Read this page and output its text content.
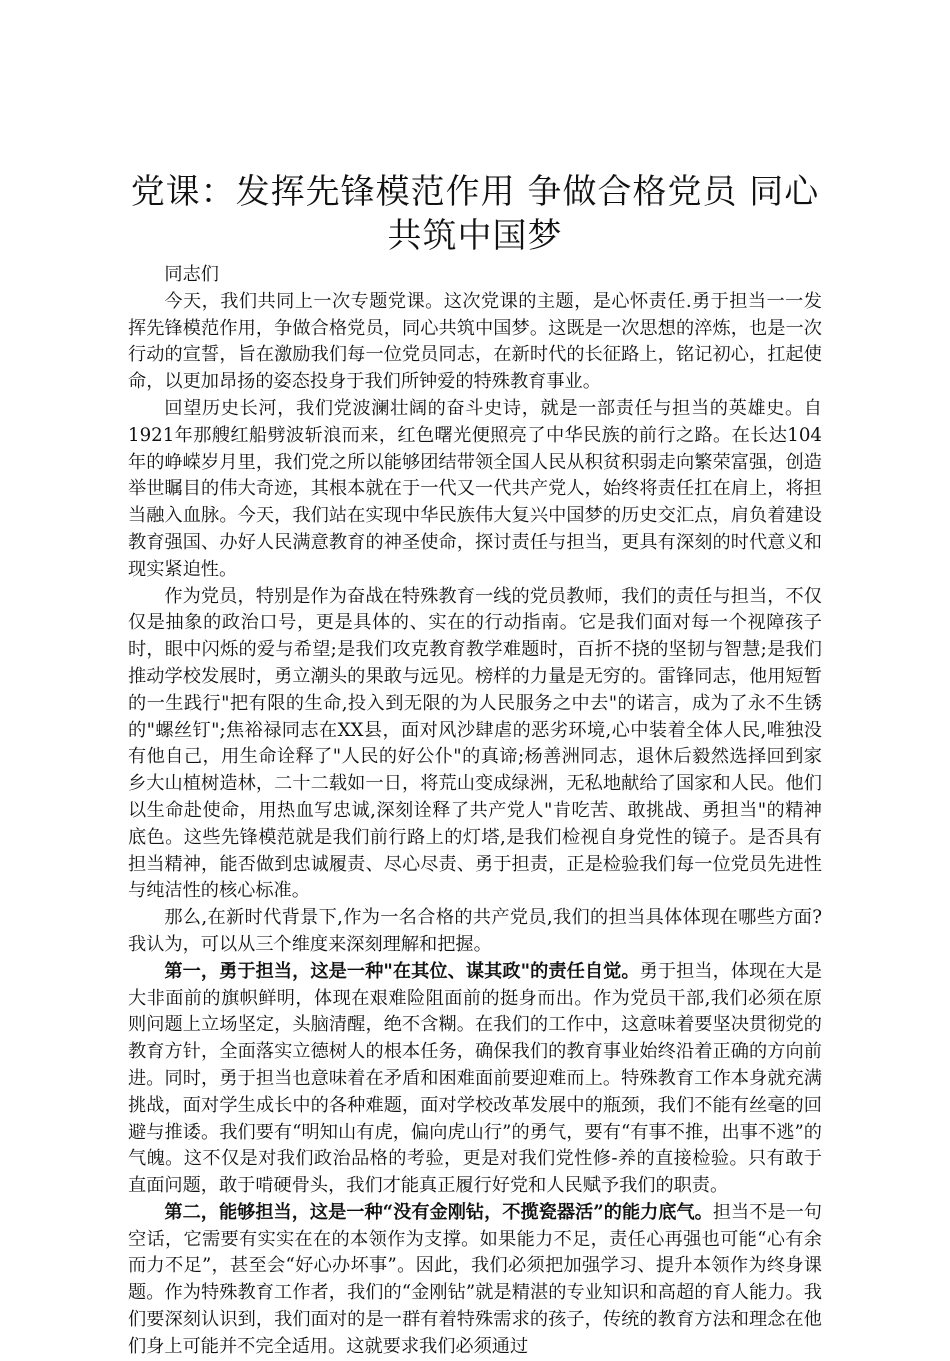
党课：发挥先锋模范作用 争做合格党员 同心共筑中国梦

同志们

今天，我们共同上一次专题党课。这次党课的主题，是心怀责任.勇于担当一一发挥先锋模范作用，争做合格党员，同心共筑中国梦。这既是一次思想的淬炼，也是一次行动的宣誓，旨在激励我们每一位党员同志，在新时代的长征路上，铭记初心，扛起使命，以更加昂扬的姿态投身于我们所钟爱的特殊教育事业。

回望历史长河，我们党波澜壮阔的奋斗史诗，就是一部责任与担当的英雄史。自1921年那艘红船劈波斩浪而来，红色曙光便照亮了中华民族的前行之路。在长达104年的峥嵘岁月里，我们党之所以能够团结带领全国人民从积贫积弱走向繁荣富强，创造举世瞩目的伟大奇迹，其根本就在于一代又一代共产党人，始终将责任扛在肩上，将担当融入血脉。今天，我们站在实现中华民族伟大复兴中国梦的历史交汇点，肩负着建设教育强国、办好人民满意教育的神圣使命，探讨责任与担当，更具有深刻的时代意义和现实紧迫性。

作为党员，特别是作为奋战在特殊教育一线的党员教师，我们的责任与担当，不仅仅是抽象的政治口号，更是具体的、实在的行动指南。它是我们面对每一个视障孩子时，眼中闪烁的爱与希望;是我们攻克教育教学难题时，百折不挠的坚韧与智慧;是我们推动学校发展时，勇立潮头的果敢与远见。榜样的力量是无穷的。雷锋同志，他用短暂的一生践行"把有限的生命,投入到无限的为人民服务之中去"的诺言，成为了永不生锈的"螺丝钉";焦裕禄同志在XX县，面对风沙肆虐的恶劣环境,心中装着全体人民,唯独没有他自己，用生命诠释了"人民的好公仆"的真谛;杨善洲同志，退休后毅然选择回到家乡大山植树造林，二十二载如一日，将荒山变成绿洲，无私地献给了国家和人民。他们以生命赴使命，用热血写忠诚,深刻诠释了共产党人"肯吃苦、敢挑战、勇担当"的精神底色。这些先锋模范就是我们前行路上的灯塔,是我们检视自身党性的镜子。是否具有担当精神，能否做到忠诚履责、尽心尽责、勇于担责，正是检验我们每一位党员先进性与纯洁性的核心标准。

那么,在新时代背景下,作为一名合格的共产党员,我们的担当具体体现在哪些方面?我认为，可以从三个维度来深刻理解和把握。

第一，勇于担当，这是一种"在其位、谋其政"的责任自觉。勇于担当，体现在大是大非面前的旗帜鲜明，体现在艰难险阻面前的挺身而出。作为党员干部,我们必须在原则问题上立场坚定，头脑清醒，绝不含糊。在我们的工作中，这意味着要坚决贯彻党的教育方针，全面落实立德树人的根本任务，确保我们的教育事业始终沿着正确的方向前进。同时，勇于担当也意味着在矛盾和困难面前要迎难而上。特殊教育工作本身就充满挑战，面对学生成长中的各种难题，面对学校改革发展中的瓶颈，我们不能有丝毫的回避与推诿。我们要有“明知山有虎，偏向虎山行”的勇气，要有“有事不推，出事不逃”的气魄。这不仅是对我们政治品格的考验，更是对我们党性修-养的直接检验。只有敢于直面问题，敢于啃硬骨头，我们才能真正履行好党和人民赋予我们的职责。

第二，能够担当，这是一种“没有金刚钻，不揽瓷器活”的能力底气。担当不是一句空话，它需要有实实在在的本领作为支撑。如果能力不足，责任心再强也可能“心有余而力不足”，甚至会“好心办坏事”。因此，我们必须把加强学习、提升本领作为终身课题。作为特殊教育工作者，我们的“金刚钻”就是精湛的专业知识和高超的育人能力。我们要深刻认识到，我们面对的是一群有着特殊需求的孩子，传统的教育方法和理念在他们身上可能并不完全适用。这就要求我们必须通过
